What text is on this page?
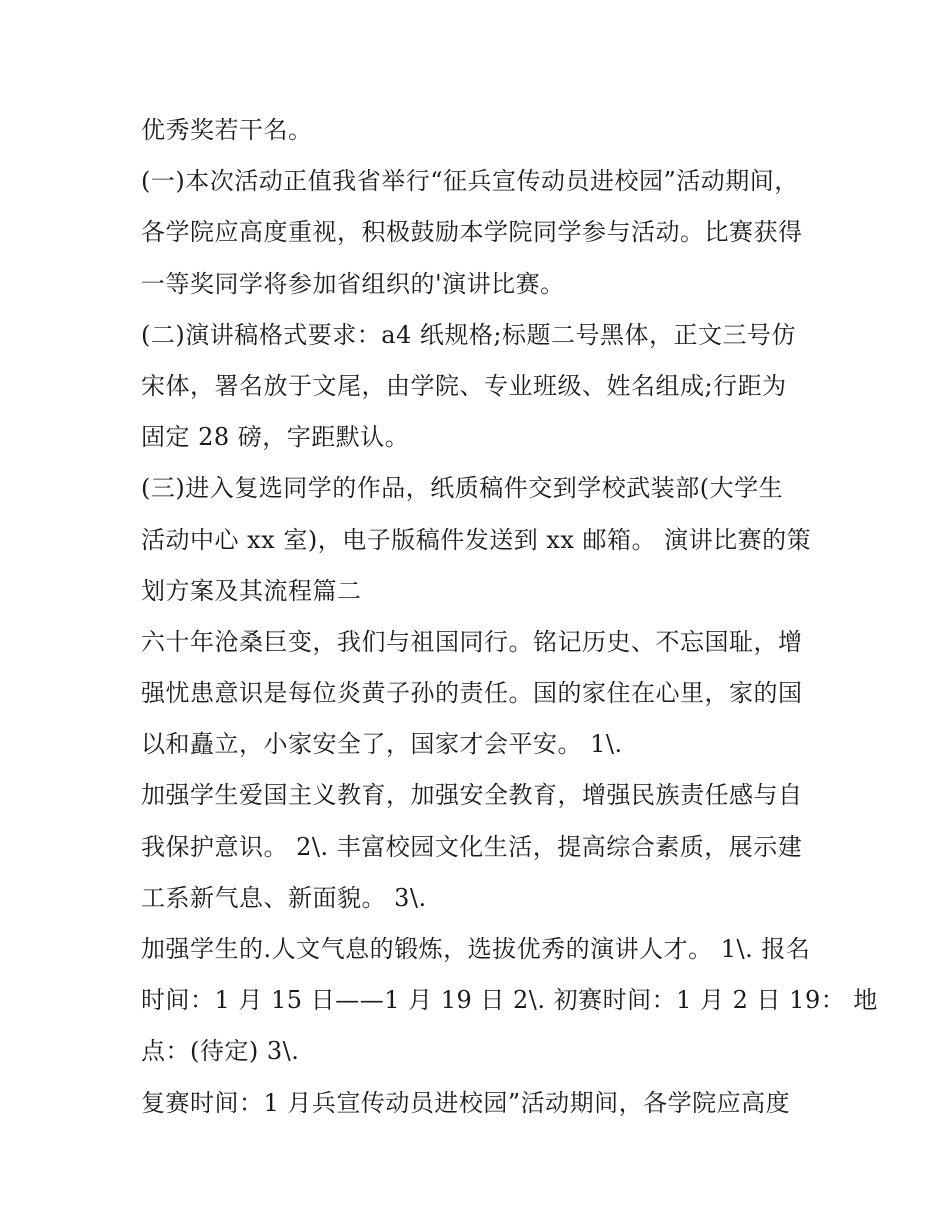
优秀奖若干名。
(一)本次活动正值我省举行“征兵宣传动员进校园”活动期间，
各学院应高度重视，积极鼓励本学院同学参与活动。比赛获得
一等奖同学将参加省组织的'演讲比赛。
(二)演讲稿格式要求：a4 纸规格;标题二号黑体，正文三号仿
宋体，署名放于文尾，由学院、专业班级、姓名组成;行距为
固定 28 磅，字距默认。
(三)进入复选同学的作品，纸质稿件交到学校武装部(大学生
活动中心 xx 室)，电子版稿件发送到 xx 邮箱。 演讲比赛的策
划方案及其流程篇二
六十年沧桑巨变，我们与祖国同行。铭记历史、不忘国耻，增
强忧患意识是每位炎黄子孙的责任。国的家住在心里，家的国
以和矗立，小家安全了，国家才会平安。 1\.
加强学生爱国主义教育，加强安全教育，增强民族责任感与自
我保护意识。 2\. 丰富校园文化生活，提高综合素质，展示建
工系新气息、新面貌。 3\.
加强学生的.人文气息的锻炼，选拔优秀的演讲人才。 1\. 报名
时间：1 月 15 日——1 月 19 日 2\. 初赛时间：1 月 2 日 19： 地
点：(待定) 3\.
复赛时间：1 月兵宣传动员进校园”活动期间，各学院应高度
